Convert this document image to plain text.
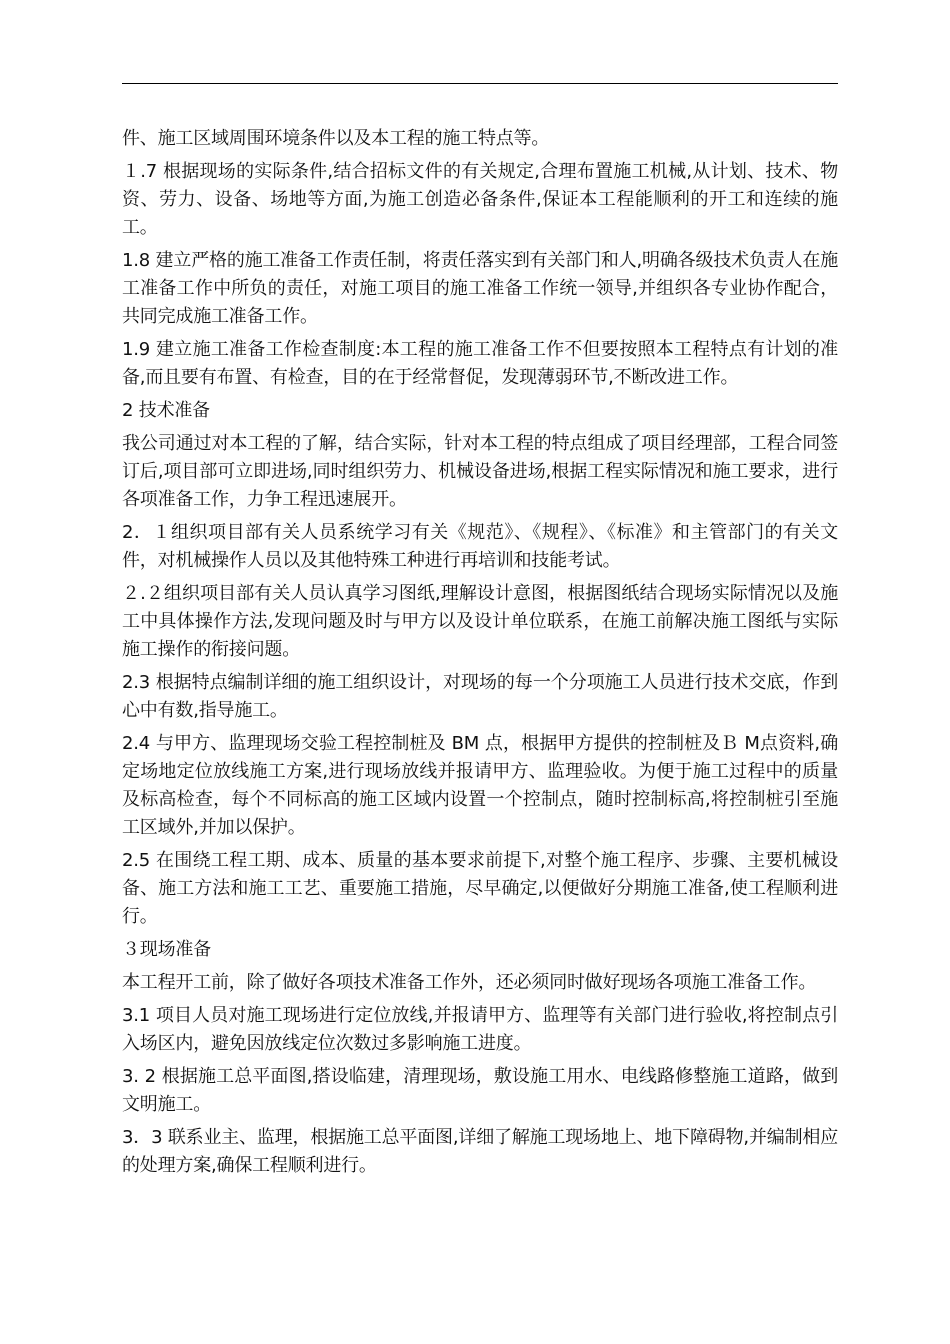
件、施工区域周围环境条件以及本工程的施工特点等。

１.7 根据现场的实际条件,结合招标文件的有关规定,合理布置施工机械,从计划、技术、物资、劳力、设备、场地等方面,为施工创造必备条件,保证本工程能顺利的开工和连续的施工。

1.8 建立严格的施工准备工作责任制，将责任落实到有关部门和人,明确各级技术负责人在施工准备工作中所负的责任，对施工项目的施工准备工作统一领导,并组织各专业协作配合，共同完成施工准备工作。

1.9 建立施工准备工作检查制度:本工程的施工准备工作不但要按照本工程特点有计划的准备,而且要有布置、有检查，目的在于经常督促，发现薄弱环节,不断改进工作。

2 技术准备

我公司通过对本工程的了解，结合实际，针对本工程的特点组成了项目经理部，工程合同签订后,项目部可立即进场,同时组织劳力、机械设备进场,根据工程实际情况和施工要求，进行各项准备工作，力争工程迅速展开。

2．１组织项目部有关人员系统学习有关《规范》、《规程》、《标准》和主管部门的有关文件，对机械操作人员以及其他特殊工种进行再培训和技能考试。

２.２组织项目部有关人员认真学习图纸,理解设计意图，根据图纸结合现场实际情况以及施工中具体操作方法,发现问题及时与甲方以及设计单位联系，在施工前解决施工图纸与实际施工操作的衔接问题。

2.3 根据特点编制详细的施工组织设计，对现场的每一个分项施工人员进行技术交底，作到心中有数,指导施工。

2.4 与甲方、监理现场交验工程控制桩及 BM 点，根据甲方提供的控制桩及Ｂ M点资料,确定场地定位放线施工方案,进行现场放线并报请甲方、监理验收。为便于施工过程中的质量及标高检查，每个不同标高的施工区域内设置一个控制点，随时控制标高,将控制桩引至施工区域外,并加以保护。

2.5 在围绕工程工期、成本、质量的基本要求前提下,对整个施工程序、步骤、主要机械设备、施工方法和施工工艺、重要施工措施，尽早确定,以便做好分期施工准备,使工程顺利进行。

３现场准备

本工程开工前，除了做好各项技术准备工作外，还必须同时做好现场各项施工准备工作。

3.1 项目人员对施工现场进行定位放线,并报请甲方、监理等有关部门进行验收,将控制点引入场区内，避免因放线定位次数过多影响施工进度。

3. 2 根据施工总平面图,搭设临建，清理现场，敷设施工用水、电线路修整施工道路，做到文明施工。

3．3 联系业主、监理，根据施工总平面图,详细了解施工现场地上、地下障碍物,并编制相应的处理方案,确保工程顺利进行。
